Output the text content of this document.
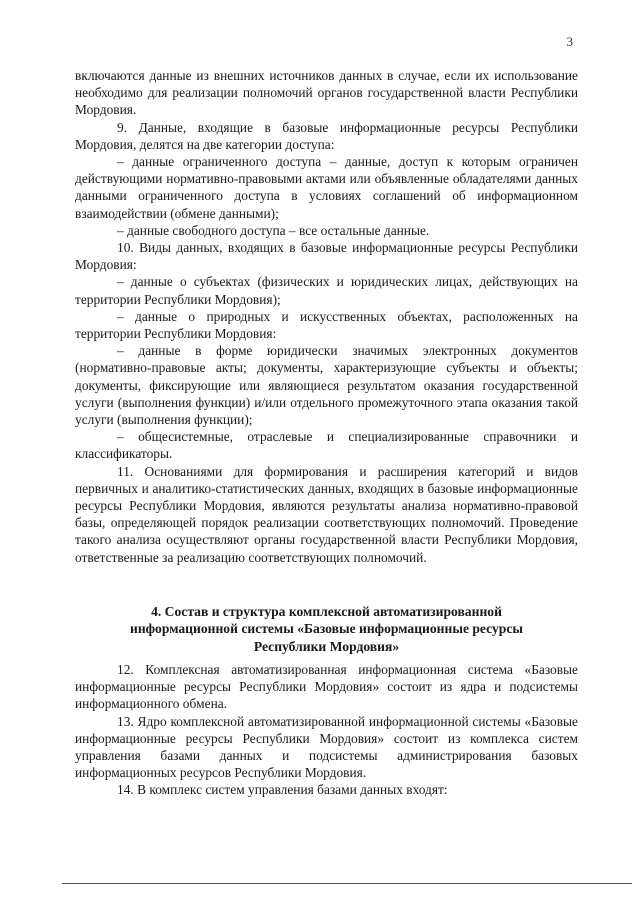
3

включаются данные из внешних источников данных в случае, если их использование необходимо для реализации полномочий органов государственной власти Республики Мордовия.

9. Данные, входящие в базовые информационные ресурсы Республики Мордовия, делятся на две категории доступа:

– данные ограниченного доступа – данные, доступ к которым ограничен действующими нормативно-правовыми актами или объявленные обладателями данных данными ограниченного доступа в условиях соглашений об информационном взаимодействии (обмене данными);

– данные свободного доступа – все остальные данные.

10. Виды данных, входящих в базовые информационные ресурсы Республики Мордовия:

– данные о субъектах (физических и юридических лицах, действующих на территории Республики Мордовия);

– данные о природных и искусственных объектах, расположенных на территории Республики Мордовия:

– данные в форме юридически значимых электронных документов (нормативно-правовые акты; документы, характеризующие субъекты и объекты; документы, фиксирующие или являющиеся результатом оказания государственной услуги (выполнения функции) и/или отдельного промежуточного этапа оказания такой услуги (выполнения функции);

– общесистемные, отраслевые и специализированные справочники и классификаторы.

11. Основаниями для формирования и расширения категорий и видов первичных и аналитико-статистических данных, входящих в базовые информационные ресурсы Республики Мордовия, являются результаты анализа нормативно-правовой базы, определяющей порядок реализации соответствующих полномочий. Проведение такого анализа осуществляют органы государственной власти Республики Мордовия, ответственные за реализацию соответствующих полномочий.

4. Состав и структура комплексной автоматизированной
информационной системы «Базовые информационные ресурсы
Республики Мордовия»

12. Комплексная автоматизированная информационная система «Базовые информационные ресурсы Республики Мордовия» состоит из ядра и подсистемы информационного обмена.

13. Ядро комплексной автоматизированной информационной системы «Базовые информационные ресурсы Республики Мордовия» состоит из комплекса систем управления базами данных и подсистемы администрирования базовых информационных ресурсов Республики Мордовия.

14. В комплекс систем управления базами данных входят:
